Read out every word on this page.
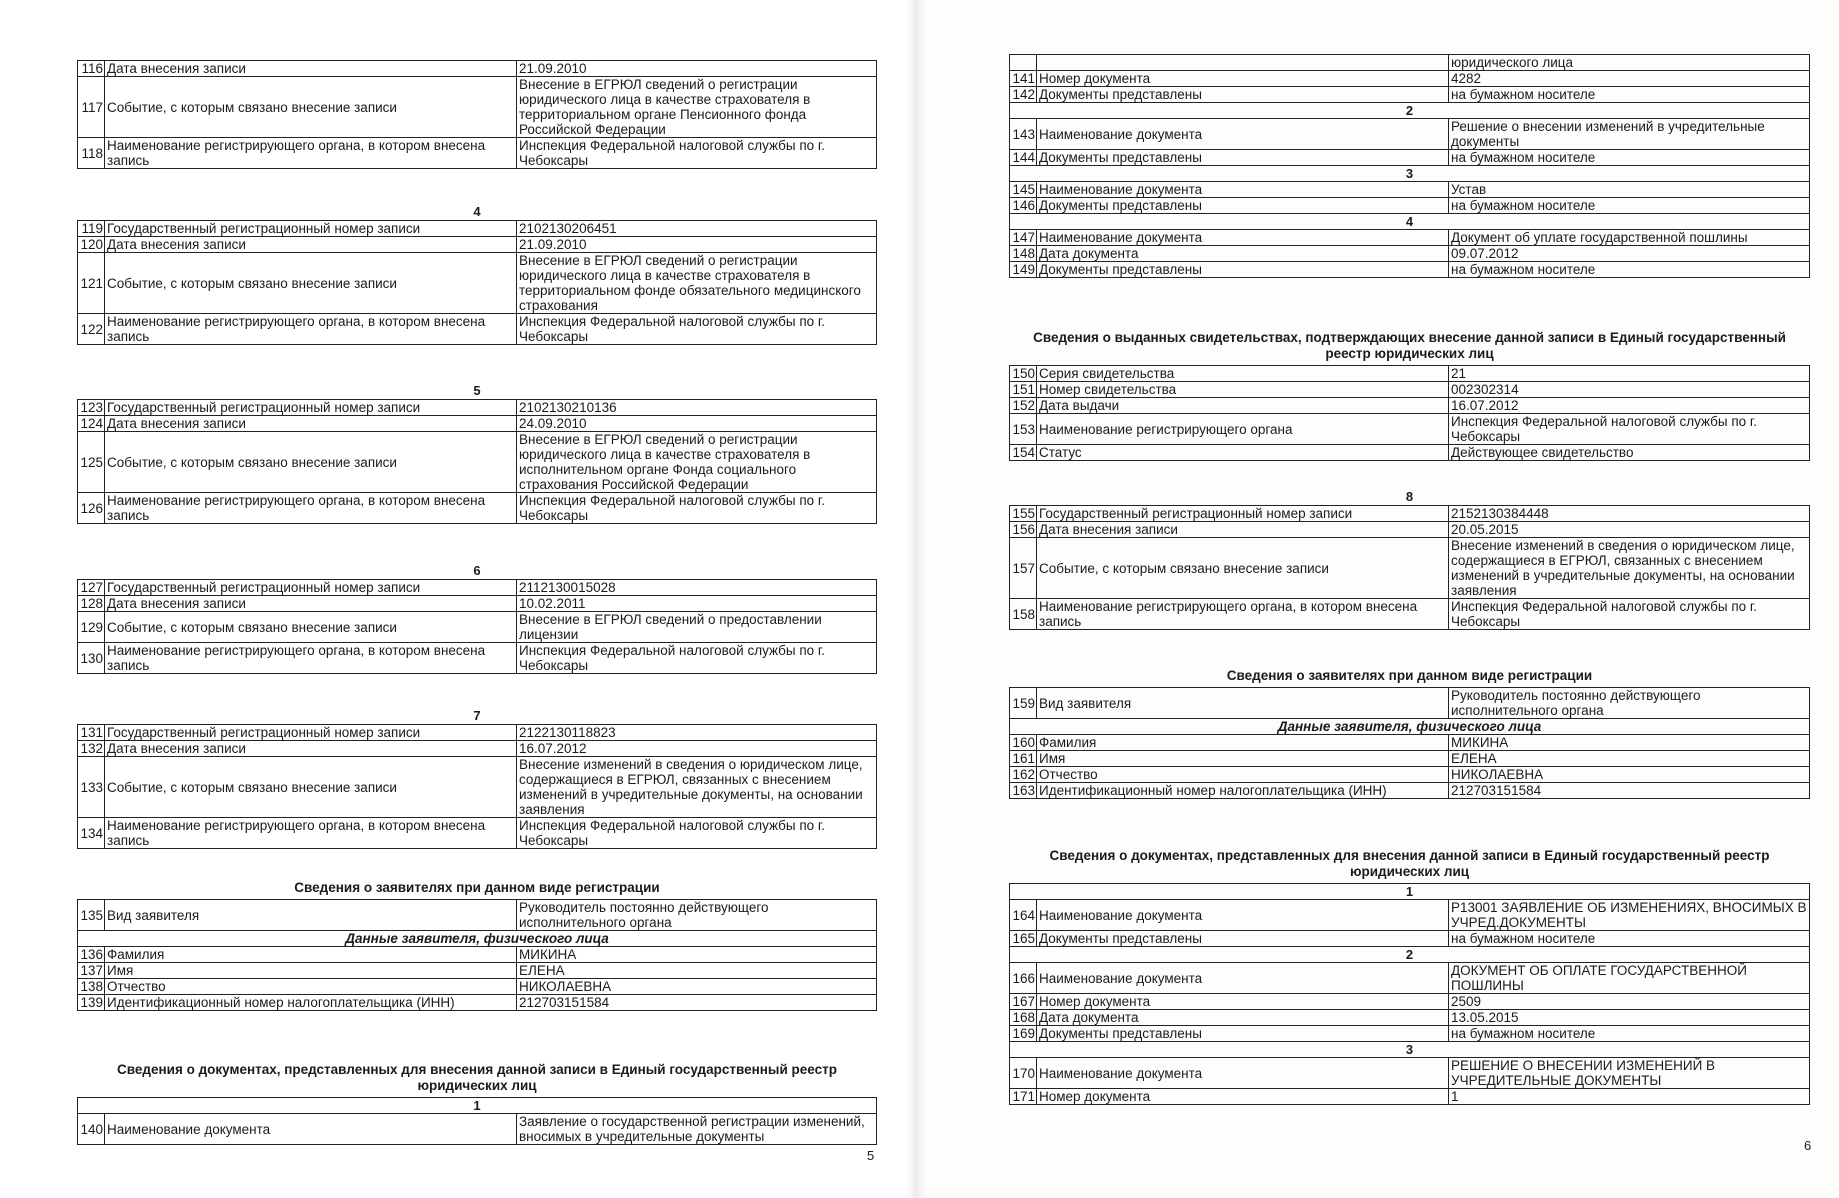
116	Дата внесения записи	21.09.2010
117	Событие, с которым связано внесение записи	Внесение в ЕГРЮЛ сведений о регистрации юридического лица в качестве страхователя в территориальном органе Пенсионного фонда Российской Федерации
118	Наименование регистрирующего органа, в котором внесена запись	Инспекция Федеральной налоговой службы по г. Чебоксары
4
119	Государственный регистрационный номер записи	2102130206451
120	Дата внесения записи	21.09.2010
121	Событие, с которым связано внесение записи	Внесение в ЕГРЮЛ сведений о регистрации юридического лица в качестве страхователя в территориальном фонде обязательного медицинского страхования
122	Наименование регистрирующего органа, в котором внесена запись	Инспекция Федеральной налоговой службы по г. Чебоксары
5
123	Государственный регистрационный номер записи	2102130210136
124	Дата внесения записи	24.09.2010
125	Событие, с которым связано внесение записи	Внесение в ЕГРЮЛ сведений о регистрации юридического лица в качестве страхователя в исполнительном органе Фонда социального страхования Российской Федерации
126	Наименование регистрирующего органа, в котором внесена запись	Инспекция Федеральной налоговой службы по г. Чебоксары
6
127	Государственный регистрационный номер записи	2112130015028
128	Дата внесения записи	10.02.2011
129	Событие, с которым связано внесение записи	Внесение в ЕГРЮЛ сведений о предоставлении лицензии
130	Наименование регистрирующего органа, в котором внесена запись	Инспекция Федеральной налоговой службы по г. Чебоксары
7
131	Государственный регистрационный номер записи	2122130118823
132	Дата внесения записи	16.07.2012
133	Событие, с которым связано внесение записи	Внесение изменений в сведения о юридическом лице, содержащиеся в ЕГРЮЛ, связанных с внесением изменений в учредительные документы, на основании заявления
134	Наименование регистрирующего органа, в котором внесена запись	Инспекция Федеральной налоговой службы по г. Чебоксары
Сведения о заявителях при данном виде регистрации
135	Вид заявителя	Руководитель постоянно действующего исполнительного органа
Данные заявителя, физического лица		
136	Фамилия	МИКИНА
137	Имя	ЕЛЕНА
138	Отчество	НИКОЛАЕВНА
139	Идентификационный номер налогоплательщика (ИНН)	212703151584
Сведения о документах, представленных для внесения данной записи в Единый государственный реестр юридических лиц
1
140	Наименование документа	Заявление о государственной регистрации изменений, вносимых в учредительные документы
5
		юридического лица
141	Номер документа	4282
142	Документы представлены	на бумажном носителе
2		
143	Наименование документа	Решение о внесении изменений в учредительные документы
144	Документы представлены	на бумажном носителе
3		
145	Наименование документа	Устав
146	Документы представлены	на бумажном носителе
4		
147	Наименование документа	Документ об уплате государственной пошлины
148	Дата документа	09.07.2012
149	Документы представлены	на бумажном носителе
Сведения о выданных свидетельствах, подтверждающих внесение данной записи в Единый государственный реестр юридических лиц
150	Серия свидетельства	21
151	Номер свидетельства	002302314
152	Дата выдачи	16.07.2012
153	Наименование регистрирующего органа	Инспекция Федеральной налоговой службы по г. Чебоксары
154	Статус	Действующее свидетельство
8
155	Государственный регистрационный номер записи	2152130384448
156	Дата внесения записи	20.05.2015
157	Событие, с которым связано внесение записи	Внесение изменений в сведения о юридическом лице, содержащиеся в ЕГРЮЛ, связанных с внесением изменений в учредительные документы, на основании заявления
158	Наименование регистрирующего органа, в котором внесена запись	Инспекция Федеральной налоговой службы по г. Чебоксары
Сведения о заявителях при данном виде регистрации
159	Вид заявителя	Руководитель постоянно действующего исполнительного органа
Данные заявителя, физического лица		
160	Фамилия	МИКИНА
161	Имя	ЕЛЕНА
162	Отчество	НИКОЛАЕВНА
163	Идентификационный номер налогоплательщика (ИНН)	212703151584
Сведения о документах, представленных для внесения данной записи в Единый государственный реестр юридических лиц
1		
164	Наименование документа	Р13001 ЗАЯВЛЕНИЕ ОБ ИЗМЕНЕНИЯХ, ВНОСИМЫХ В УЧРЕД.ДОКУМЕНТЫ
165	Документы представлены	на бумажном носителе
2		
166	Наименование документа	ДОКУМЕНТ ОБ ОПЛАТЕ ГОСУДАРСТВЕННОЙ ПОШЛИНЫ
167	Номер документа	2509
168	Дата документа	13.05.2015
169	Документы представлены	на бумажном носителе
3		
170	Наименование документа	РЕШЕНИЕ О ВНЕСЕНИИ ИЗМЕНЕНИЙ В УЧРЕДИТЕЛЬНЫЕ ДОКУМЕНТЫ
171	Номер документа	1
6
